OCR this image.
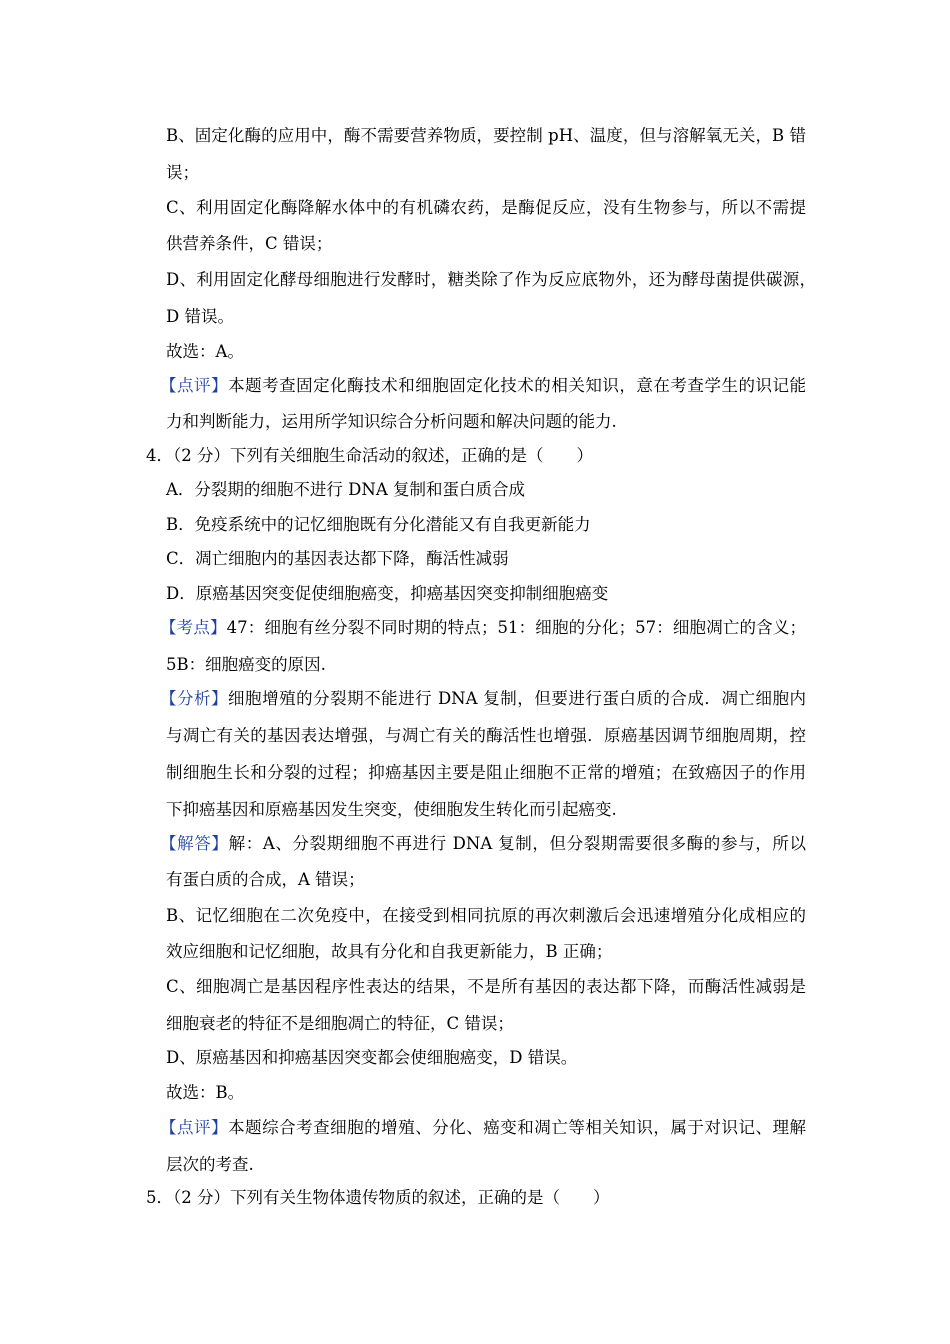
B、固定化酶的应用中，酶不需要营养物质，要控制 pH、温度，但与溶解氧无关，B 错
误；
C、利用固定化酶降解水体中的有机磷农药，是酶促反应，没有生物参与，所以不需提
供营养条件，C 错误；
D、利用固定化酵母细胞进行发酵时，糖类除了作为反应底物外，还为酵母菌提供碳源，
D 错误。
故选：A。
【点评】本题考查固定化酶技术和细胞固定化技术的相关知识，意在考查学生的识记能
力和判断能力，运用所学知识综合分析问题和解决问题的能力.
4．（2 分）下列有关细胞生命活动的叙述，正确的是（　　）
A．分裂期的细胞不进行 DNA 复制和蛋白质合成
B．免疫系统中的记忆细胞既有分化潜能又有自我更新能力
C．凋亡细胞内的基因表达都下降，酶活性减弱
D．原癌基因突变促使细胞癌变，抑癌基因突变抑制细胞癌变
【考点】47：细胞有丝分裂不同时期的特点；51：细胞的分化；57：细胞凋亡的含义；
5B：细胞癌变的原因.
【分析】细胞增殖的分裂期不能进行 DNA 复制，但要进行蛋白质的合成．凋亡细胞内
与凋亡有关的基因表达增强，与凋亡有关的酶活性也增强．原癌基因调节细胞周期，控
制细胞生长和分裂的过程；抑癌基因主要是阻止细胞不正常的增殖；在致癌因子的作用
下抑癌基因和原癌基因发生突变，使细胞发生转化而引起癌变.
【解答】解：A、分裂期细胞不再进行 DNA 复制，但分裂期需要很多酶的参与，所以
有蛋白质的合成，A 错误；
B、记忆细胞在二次免疫中，在接受到相同抗原的再次刺激后会迅速增殖分化成相应的
效应细胞和记忆细胞，故具有分化和自我更新能力，B 正确；
C、细胞凋亡是基因程序性表达的结果，不是所有基因的表达都下降，而酶活性减弱是
细胞衰老的特征不是细胞凋亡的特征，C 错误；
D、原癌基因和抑癌基因突变都会使细胞癌变，D 错误。
故选：B。
【点评】本题综合考查细胞的增殖、分化、癌变和凋亡等相关知识，属于对识记、理解
层次的考查.
5．（2 分）下列有关生物体遗传物质的叙述，正确的是（　　）
